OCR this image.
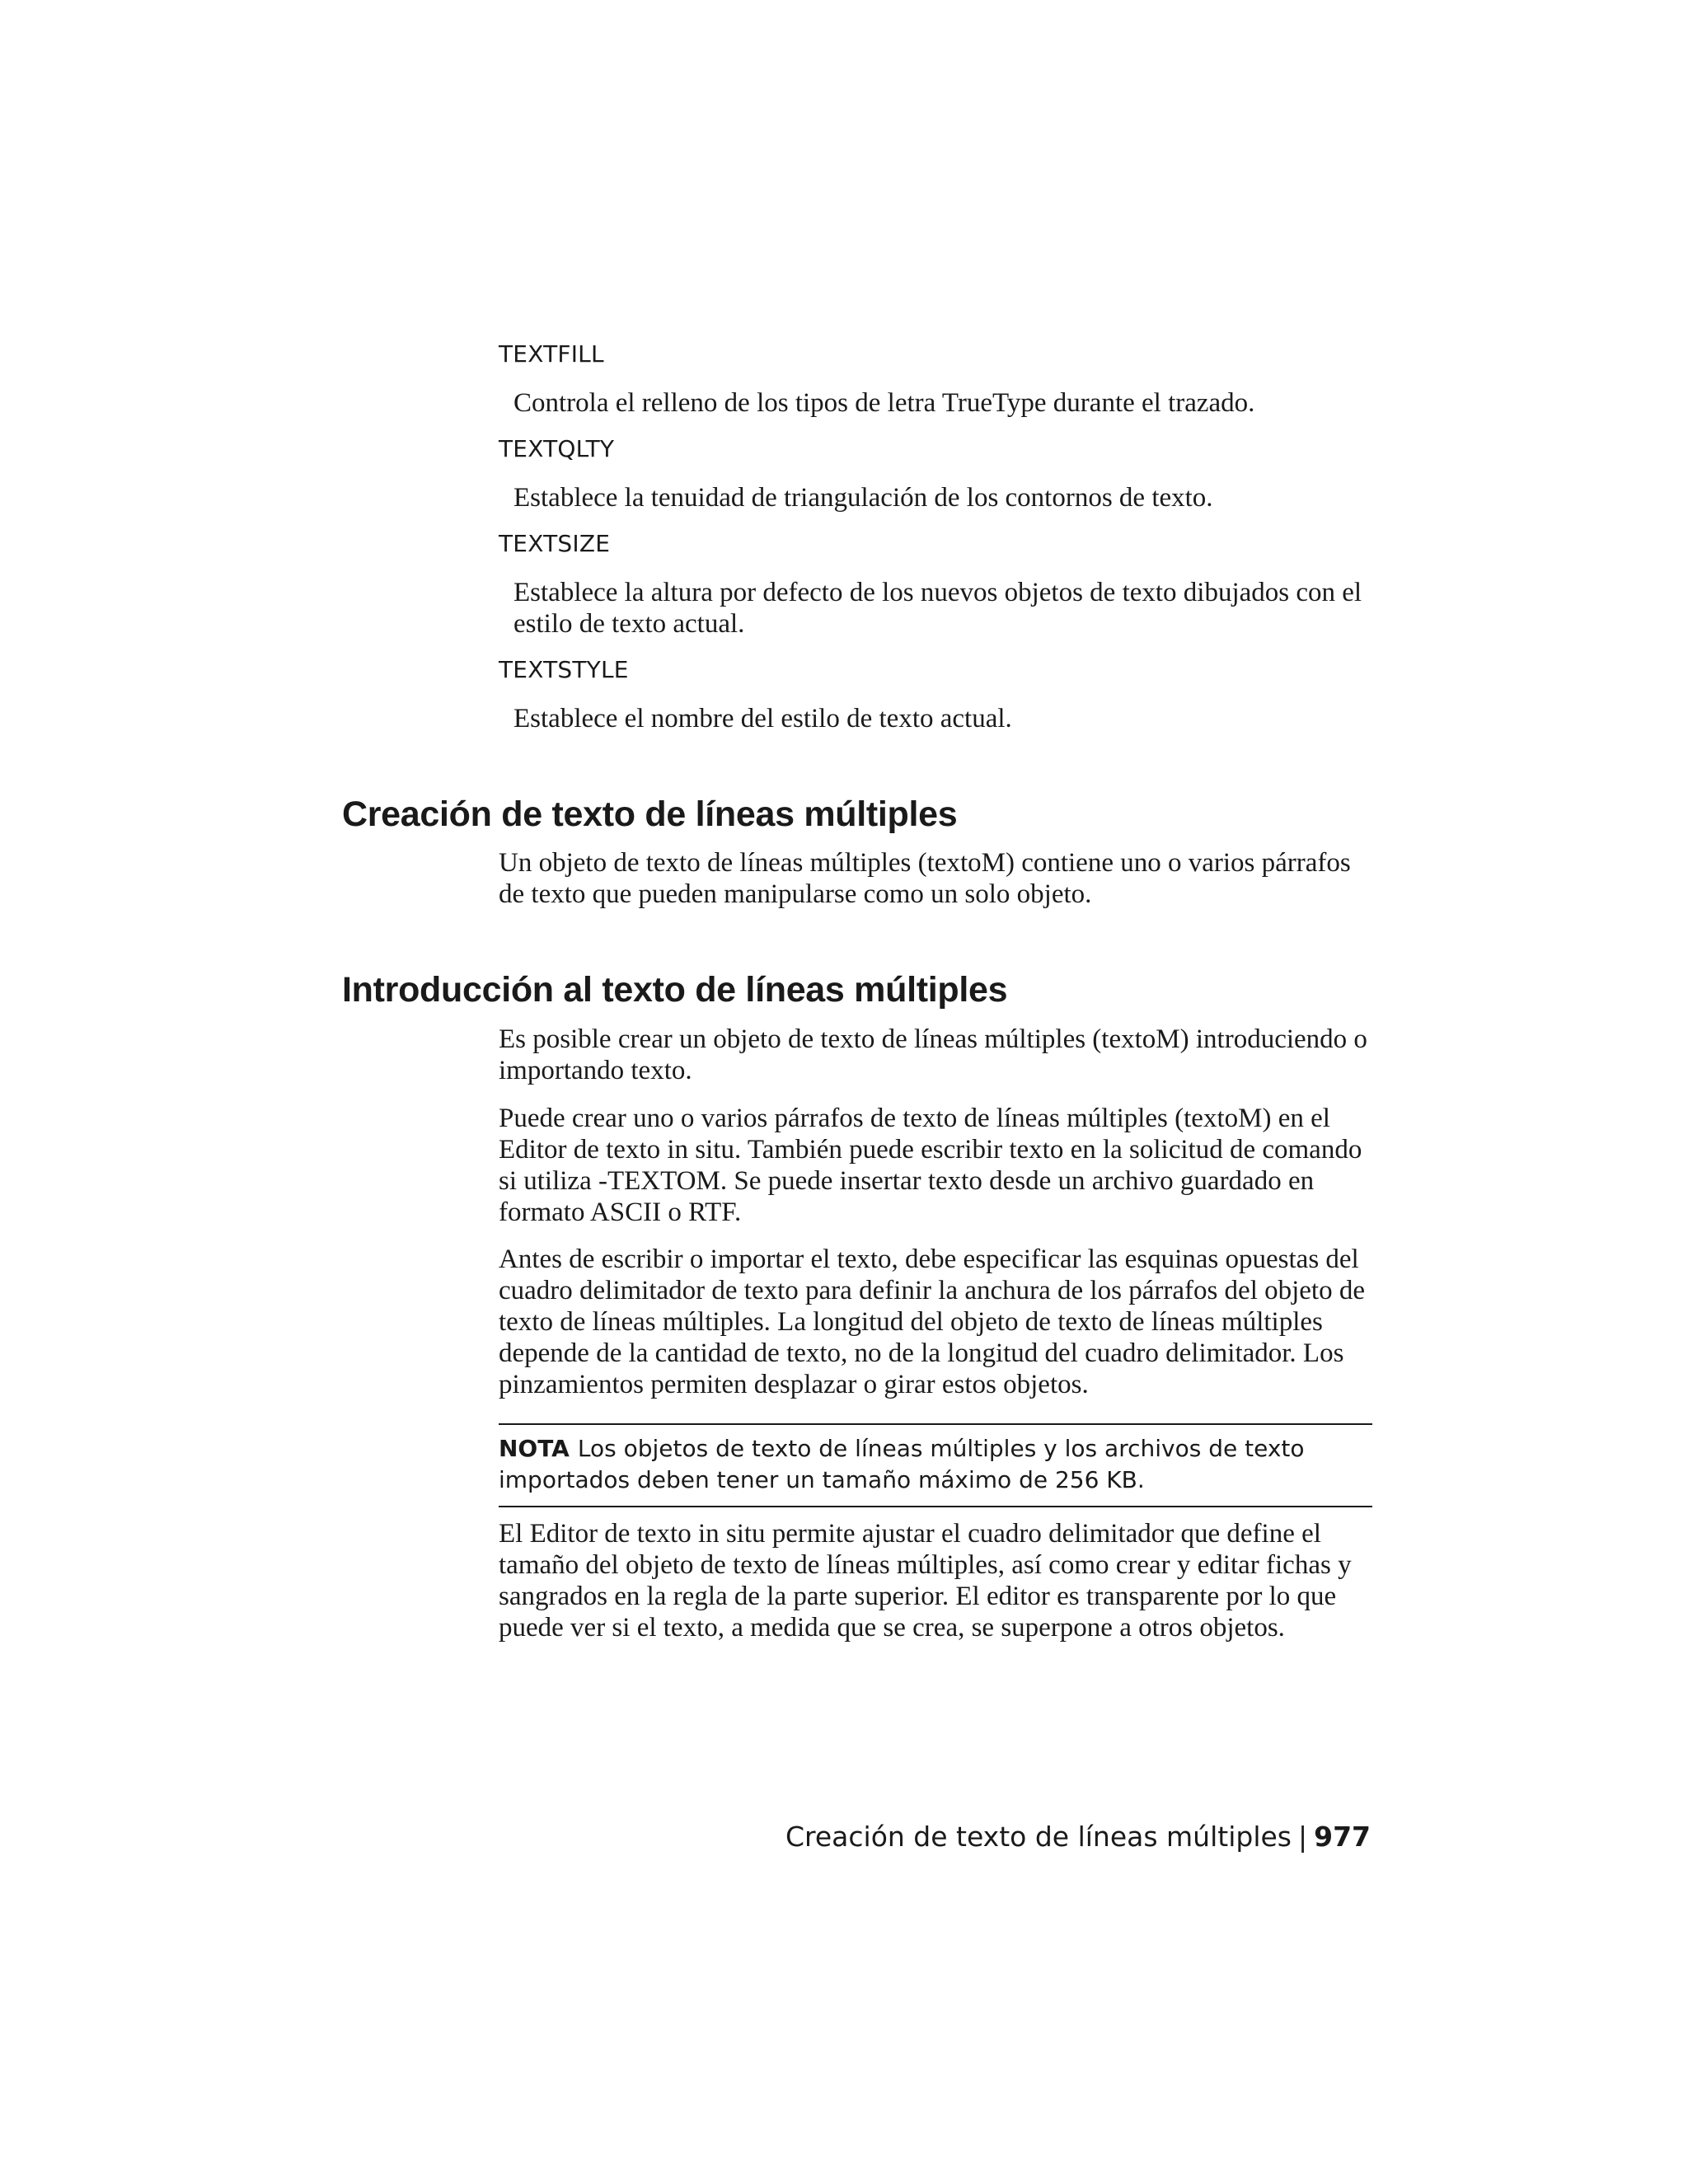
TEXTFILL

Controla el relleno de los tipos de letra TrueType durante el trazado.

TEXTQLTY

Establece la tenuidad de triangulación de los contornos de texto.

TEXTSIZE

Establece la altura por defecto de los nuevos objetos de texto dibujados con el estilo de texto actual.

TEXTSTYLE

Establece el nombre del estilo de texto actual.

Creación de texto de líneas múltiples

Un objeto de texto de líneas múltiples (textoM) contiene uno o varios párrafos de texto que pueden manipularse como un solo objeto.

Introducción al texto de líneas múltiples

Es posible crear un objeto de texto de líneas múltiples (textoM) introduciendo o importando texto.

Puede crear uno o varios párrafos de texto de líneas múltiples (textoM) en el Editor de texto in situ. También puede escribir texto en la solicitud de comando si utiliza -TEXTOM. Se puede insertar texto desde un archivo guardado en formato ASCII o RTF.

Antes de escribir o importar el texto, debe especificar las esquinas opuestas del cuadro delimitador de texto para definir la anchura de los párrafos del objeto de texto de líneas múltiples. La longitud del objeto de texto de líneas múltiples depende de la cantidad de texto, no de la longitud del cuadro delimitador. Los pinzamientos permiten desplazar o girar estos objetos.

NOTA Los objetos de texto de líneas múltiples y los archivos de texto importados deben tener un tamaño máximo de 256 KB.

El Editor de texto in situ permite ajustar el cuadro delimitador que define el tamaño del objeto de texto de líneas múltiples, así como crear y editar fichas y sangrados en la regla de la parte superior. El editor es transparente por lo que puede ver si el texto, a medida que se crea, se superpone a otros objetos.

Creación de texto de líneas múltiples | 977
